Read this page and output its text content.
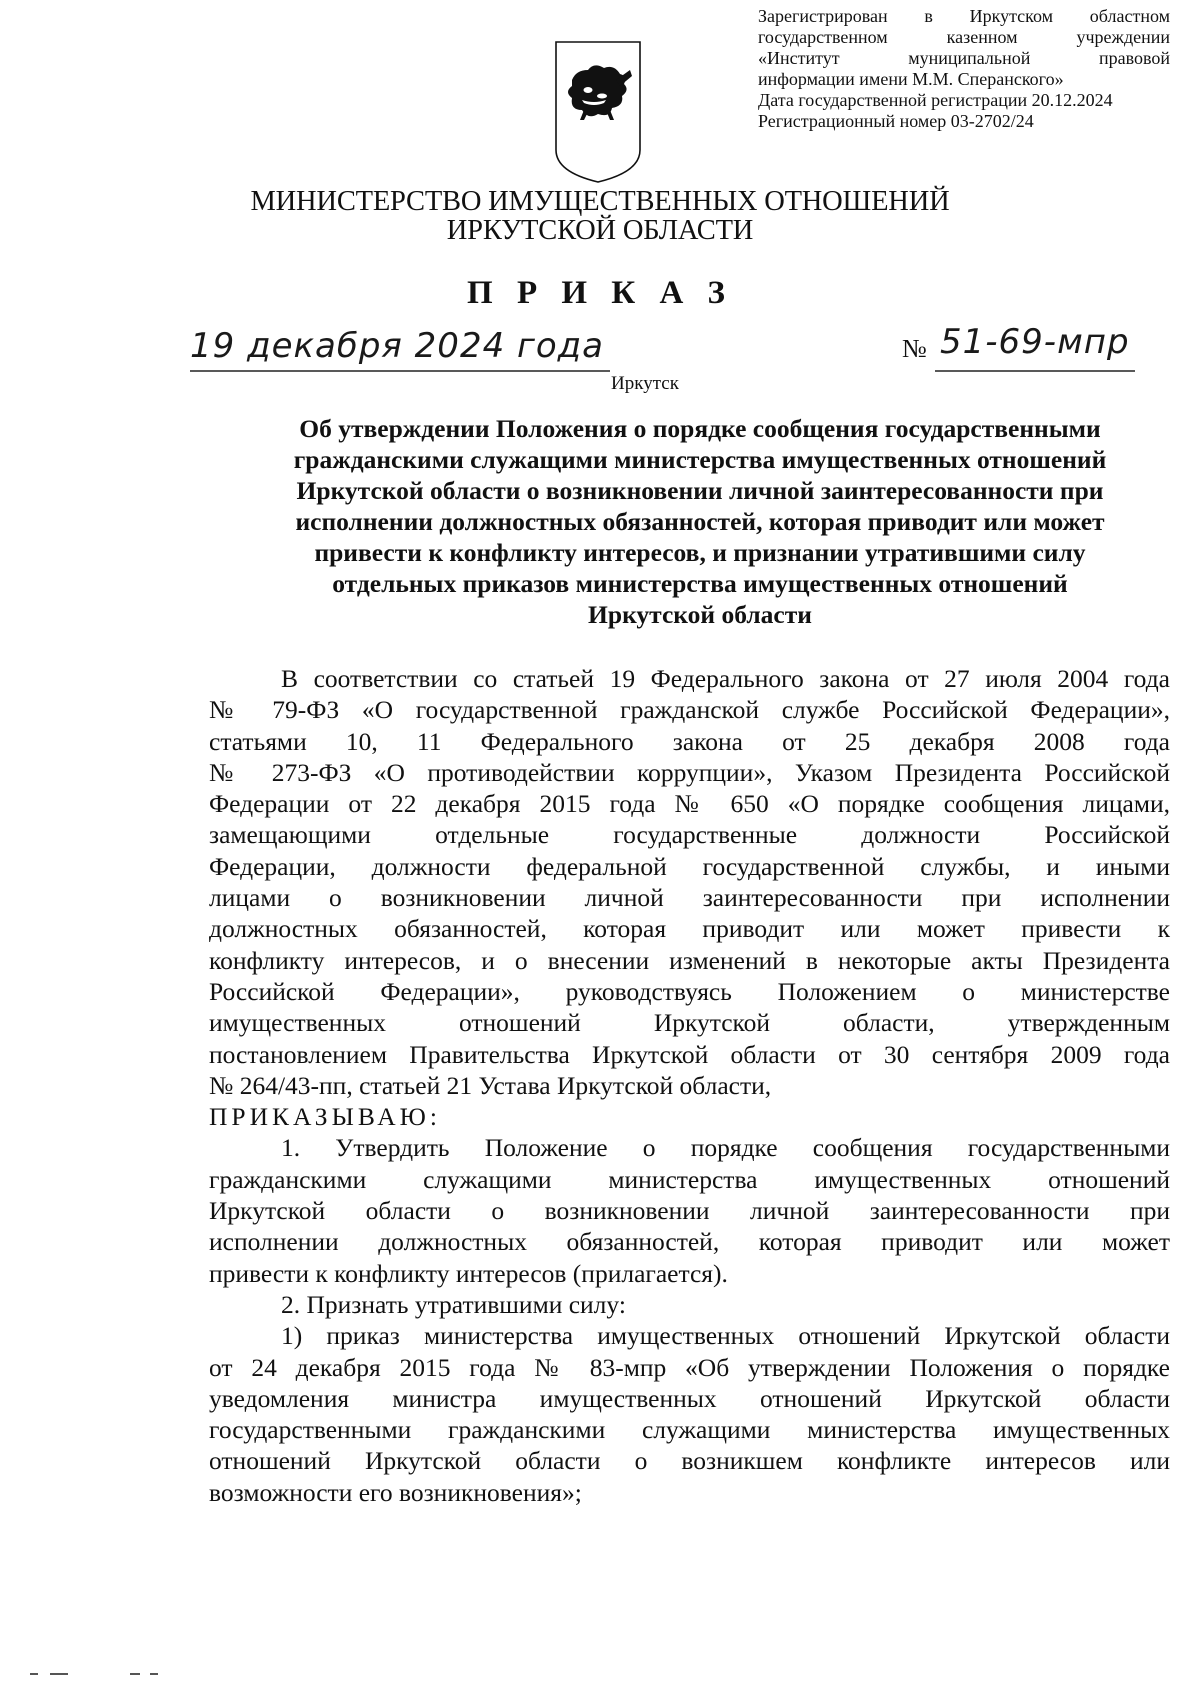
Зарегистрирован в Иркутском областном
государственном казенном учреждении
«Институт муниципальной правовой
информации имени М.М. Сперанского»
Дата государственной регистрации 20.12.2024
Регистрационный номер 03-2702/24
МИНИСТЕРСТВО ИМУЩЕСТВЕННЫХ ОТНОШЕНИЙ
ИРКУТСКОЙ ОБЛАСТИ
П Р И К А З
19 декабря 2024 года	№ 51-69-мпр
Иркутск
Об утверждении Положения о порядке сообщения государственными
гражданскими служащими министерства имущественных отношений
Иркутской области о возникновении личной заинтересованности при
исполнении должностных обязанностей, которая приводит или может
привести к конфликту интересов, и признании утратившими силу
отдельных приказов министерства имущественных отношений
Иркутской области
В соответствии со статьей 19 Федерального закона от 27 июля 2004 года
№ 79-ФЗ «О государственной гражданской службе Российской Федерации»,
статьями 10, 11 Федерального закона от 25 декабря 2008 года
№ 273-ФЗ «О противодействии коррупции», Указом Президента Российской
Федерации от 22 декабря 2015 года № 650 «О порядке сообщения лицами,
замещающими отдельные государственные должности Российской
Федерации, должности федеральной государственной службы, и иными
лицами о возникновении личной заинтересованности при исполнении
должностных обязанностей, которая приводит или может привести к
конфликту интересов, и о внесении изменений в некоторые акты Президента
Российской Федерации», руководствуясь Положением о министерстве
имущественных отношений Иркутской области, утвержденным
постановлением Правительства Иркутской области от 30 сентября 2009 года
№ 264/43-пп, статьей 21 Устава Иркутской области,
ПРИКАЗЫВАЮ:
1. Утвердить Положение о порядке сообщения государственными
гражданскими служащими министерства имущественных отношений
Иркутской области о возникновении личной заинтересованности при
исполнении должностных обязанностей, которая приводит или может
привести к конфликту интересов (прилагается).
2. Признать утратившими силу:
1) приказ министерства имущественных отношений Иркутской области
от 24 декабря 2015 года № 83-мпр «Об утверждении Положения о порядке
уведомления министра имущественных отношений Иркутской области
государственными гражданскими служащими министерства имущественных
отношений Иркутской области о возникшем конфликте интересов или
возможности его возникновения»;
